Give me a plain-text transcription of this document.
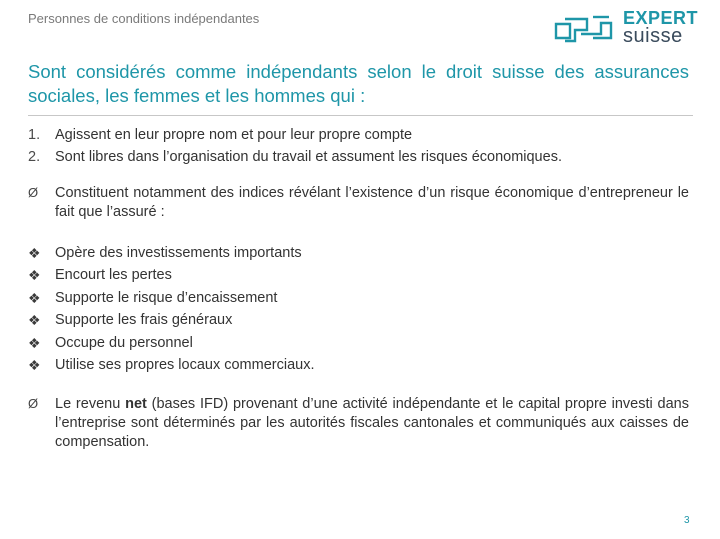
Personnes de conditions indépendantes	EXPERT
suisse
Sont considérés comme indépendants selon le droit suisse des assurances sociales, les femmes et les hommes qui :
1.	Agissent en leur propre nom et pour leur propre compte
2.	Sont libres dans l’organisation du travail et assument les risques économiques.
Ø	Constituent notamment des indices révélant l’existence d’un risque économique d’entrepreneur le fait que l’assuré :
❖ Opère des investissements importants
❖ Encourt les pertes
❖ Supporte le risque d’encaissement
❖ Supporte les frais généraux
❖ Occupe du personnel
❖ Utilise ses propres locaux commerciaux.
Ø	Le revenu net (bases IFD) provenant d’une activité indépendante et le capital propre investi dans l’entreprise sont déterminés par les autorités fiscales cantonales et communiqués aux caisses de compensation.
3
